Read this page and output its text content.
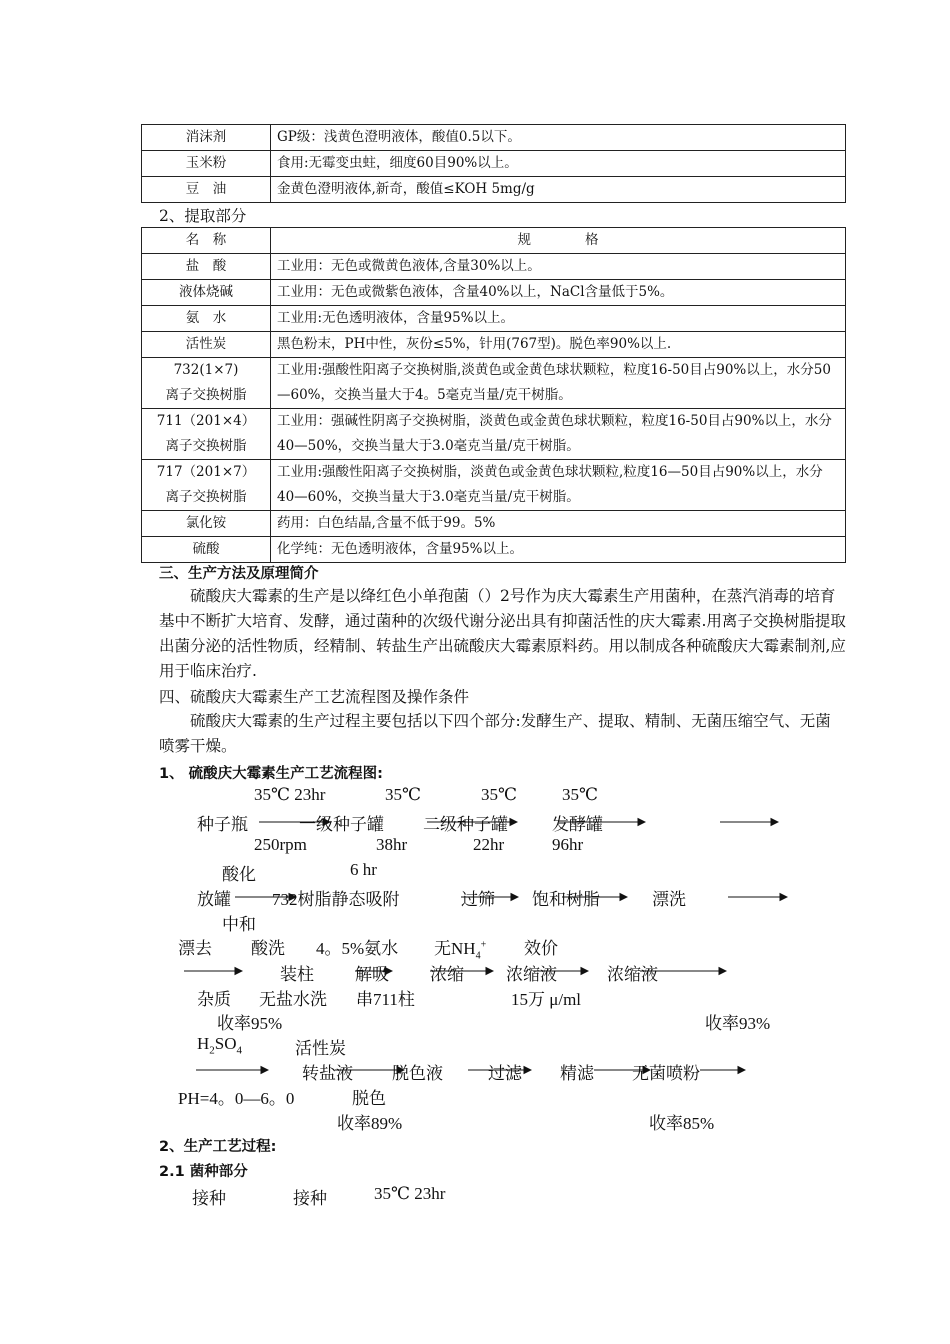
消沫剂	GP级：浅黄色澄明液体，酸值0.5以下。
玉米粉	食用:无霉变虫蛀，细度60目90%以上。
豆　油	金黄色澄明液体,新奇，酸值≤KOH 5mg/g
2、提取部分
名　称	规　　　　格
盐　酸	工业用：无色或微黄色液体,含量30%以上。
液体烧碱	工业用：无色或微紫色液体，含量40%以上，NaCl含量低于5%。
氨　水	工业用:无色透明液体，含量95%以上。
活性炭	黑色粉末，PH中性，灰份≤5%，针用(767型)。脱色率90%以上.
732(1×7)
离子交换树脂	工业用:强酸性阳离子交换树脂,淡黄色或金黄色球状颗粒，粒度16-50目占90%以上，水分50—60%，交换当量大于4。5毫克当量/克干树脂。
711（201×4）
离子交换树脂	工业用：强碱性阴离子交换树脂，淡黄色或金黄色球状颗粒，粒度16-50目占90%以上，水分40—50%，交换当量大于3.0毫克当量/克干树脂。
717（201×7）
离子交换树脂	工业用:强酸性阳离子交换树脂，淡黄色或金黄色球状颗粒,粒度16—50目占90%以上，水分40—60%，交换当量大于3.0毫克当量/克干树脂。
氯化铵	药用：白色结晶,含量不低于99。5%
硫酸	化学纯：无色透明液体，含量95%以上。
三、生产方法及原理简介
硫酸庆大霉素的生产是以绛红色小单孢菌（）2号作为庆大霉素生产用菌种，在蒸汽消毒的培育基中不断扩大培育、发酵，通过菌种的次级代谢分泌出具有抑菌活性的庆大霉素.用离子交换树脂提取出菌分泌的活性物质，经精制、转盐生产出硫酸庆大霉素原料药。用以制成各种硫酸庆大霉素制剂,应用于临床治疗.
四、硫酸庆大霉素生产工艺流程图及操作条件
硫酸庆大霉素的生产过程主要包括以下四个部分:发酵生产、提取、精制、无菌压缩空气、无菌喷雾干燥。
1、 硫酸庆大霉素生产工艺流程图:
35℃ 23hr	35℃	35℃	35℃
种子瓶	一级种子罐 二级种子罐	发酵罐
250rpm	38hr	22hr	96hr
酸化	6 hr
放罐 732树脂静态吸附	过筛 饱和树脂	漂洗
中和
漂去 酸洗 4。5%氨水 无$NH_4^+$ 效价
装柱 解吸 浓缩 浓缩液	浓缩液
杂质 无盐水洗 串711柱	15万 μ/ml
收率95%	收率93%
$H_2SO_4$	活性炭
转盐液 脱色液	过滤 精滤 无菌喷粉
PH=4。0—6。0	脱色
收率89%	收率85%
2、生产工艺过程:
2.1 菌种部分
接种	接种	35℃ 23hr
